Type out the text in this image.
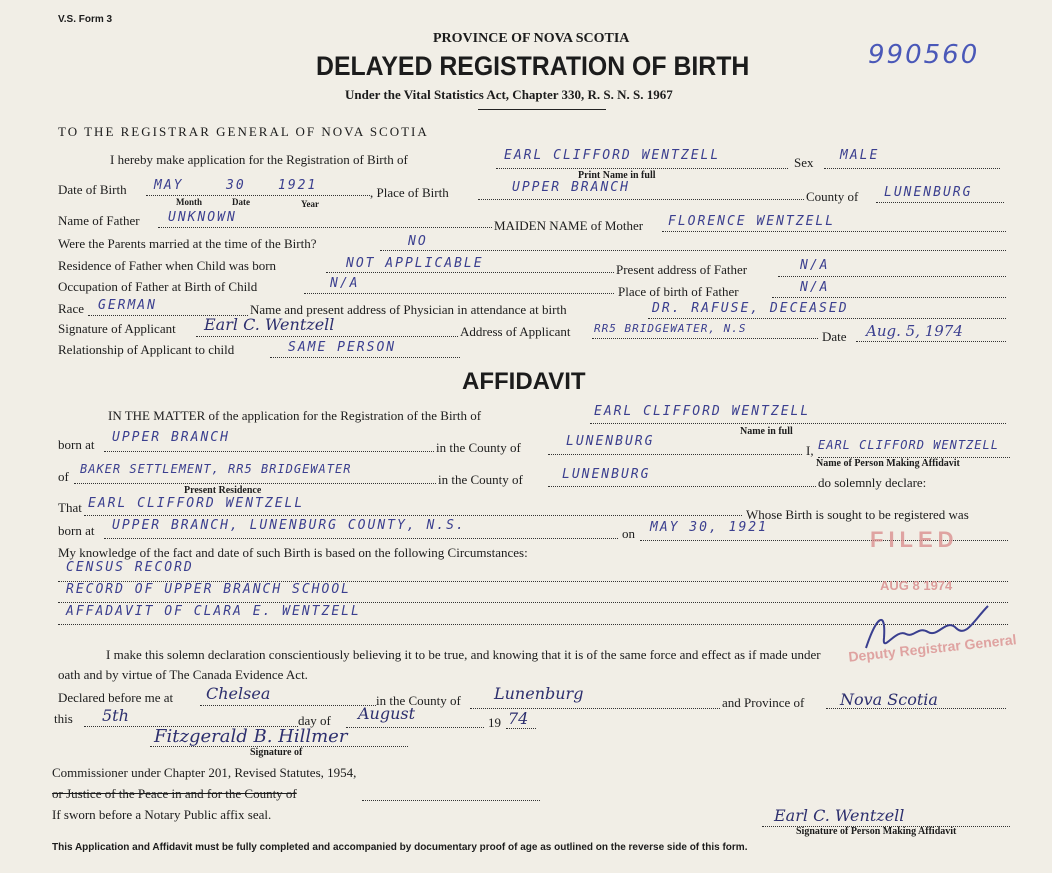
V.S. Form 3
990560
PROVINCE OF NOVA SCOTIA
DELAYED REGISTRATION OF BIRTH
Under the Vital Statistics Act, Chapter 330, R. S. N. S. 1967
TO THE REGISTRAR GENERAL OF NOVA SCOTIA
I hereby make application for the Registration of Birth of	EARL CLIFFORD WENTZELL	Sex MALE
Print Name in full
Date of Birth MAY	30 1921
Month	Date	Year
, Place of Birth	UPPER BRANCH
County of LUNENBURG
Name of Father UNKNOWN
MAIDEN NAME of Mother FLORENCE WENTZELL
Were the Parents married at the time of the Birth?	NO
Residence of Father when Child was born	NOT APPLICABLE	Present address of Father	N/A
Occupation of Father at Birth of Child	N/A
Place of birth of Father	N/A
Race GERMAN	Name and present address of Physician in attendance at birth	DR. RAFUSE, DECEASED
Signature of Applicant Earl C. Wentzell	Address of Applicant RR5 BRIDGEWATER, N.S
Date Aug. 5, 1974
Relationship of Applicant to child	SAME PERSON
AFFIDAVIT
IN THE MATTER of the application for the Registration of the Birth of	EARL CLIFFORD WENTZELL
Name in full
born at UPPER BRANCH
in the County of	LUNENBURG
I, EARL CLIFFORD WENTZELL
Name of Person Making Affidavit
of BAKER SETTLEMENT, RR5 BRIDGEWATER
Present Residence
in the County of	LUNENBURG
do solemnly declare:
That EARL CLIFFORD WENTZELL
Whose Birth is sought to be registered was
born at UPPER BRANCH, LUNENBURG COUNTY, N.S.
on MAY 30, 1921
My knowledge of the fact and date of such Birth is based on the following Circumstances:
CENSUS RECORD
RECORD OF UPPER BRANCH SCHOOL
AFFADAVIT OF CLARA E. WENTZELL
FILED
AUG 8 1974
Deputy Registrar General
I make this solemn declaration conscientiously believing it to be true, and knowing that it is of the same force and effect as if made under
oath and by virtue of The Canada Evidence Act.
Declared before me at Chelsea	in the County of Lunenburg	and Province of Nova Scotia
this 5th	day of August	19 74
Fitzgerald B. Hillmer
Signature of
Commissioner under Chapter 201, Revised Statutes, 1954,
or Justice of the Peace in and for the County of
If sworn before a Notary Public affix seal.	Earl C. Wentzell
Signature of Person Making Affidavit
This Application and Affidavit must be fully completed and accompanied by documentary proof of age as outlined on the reverse side of this form.
